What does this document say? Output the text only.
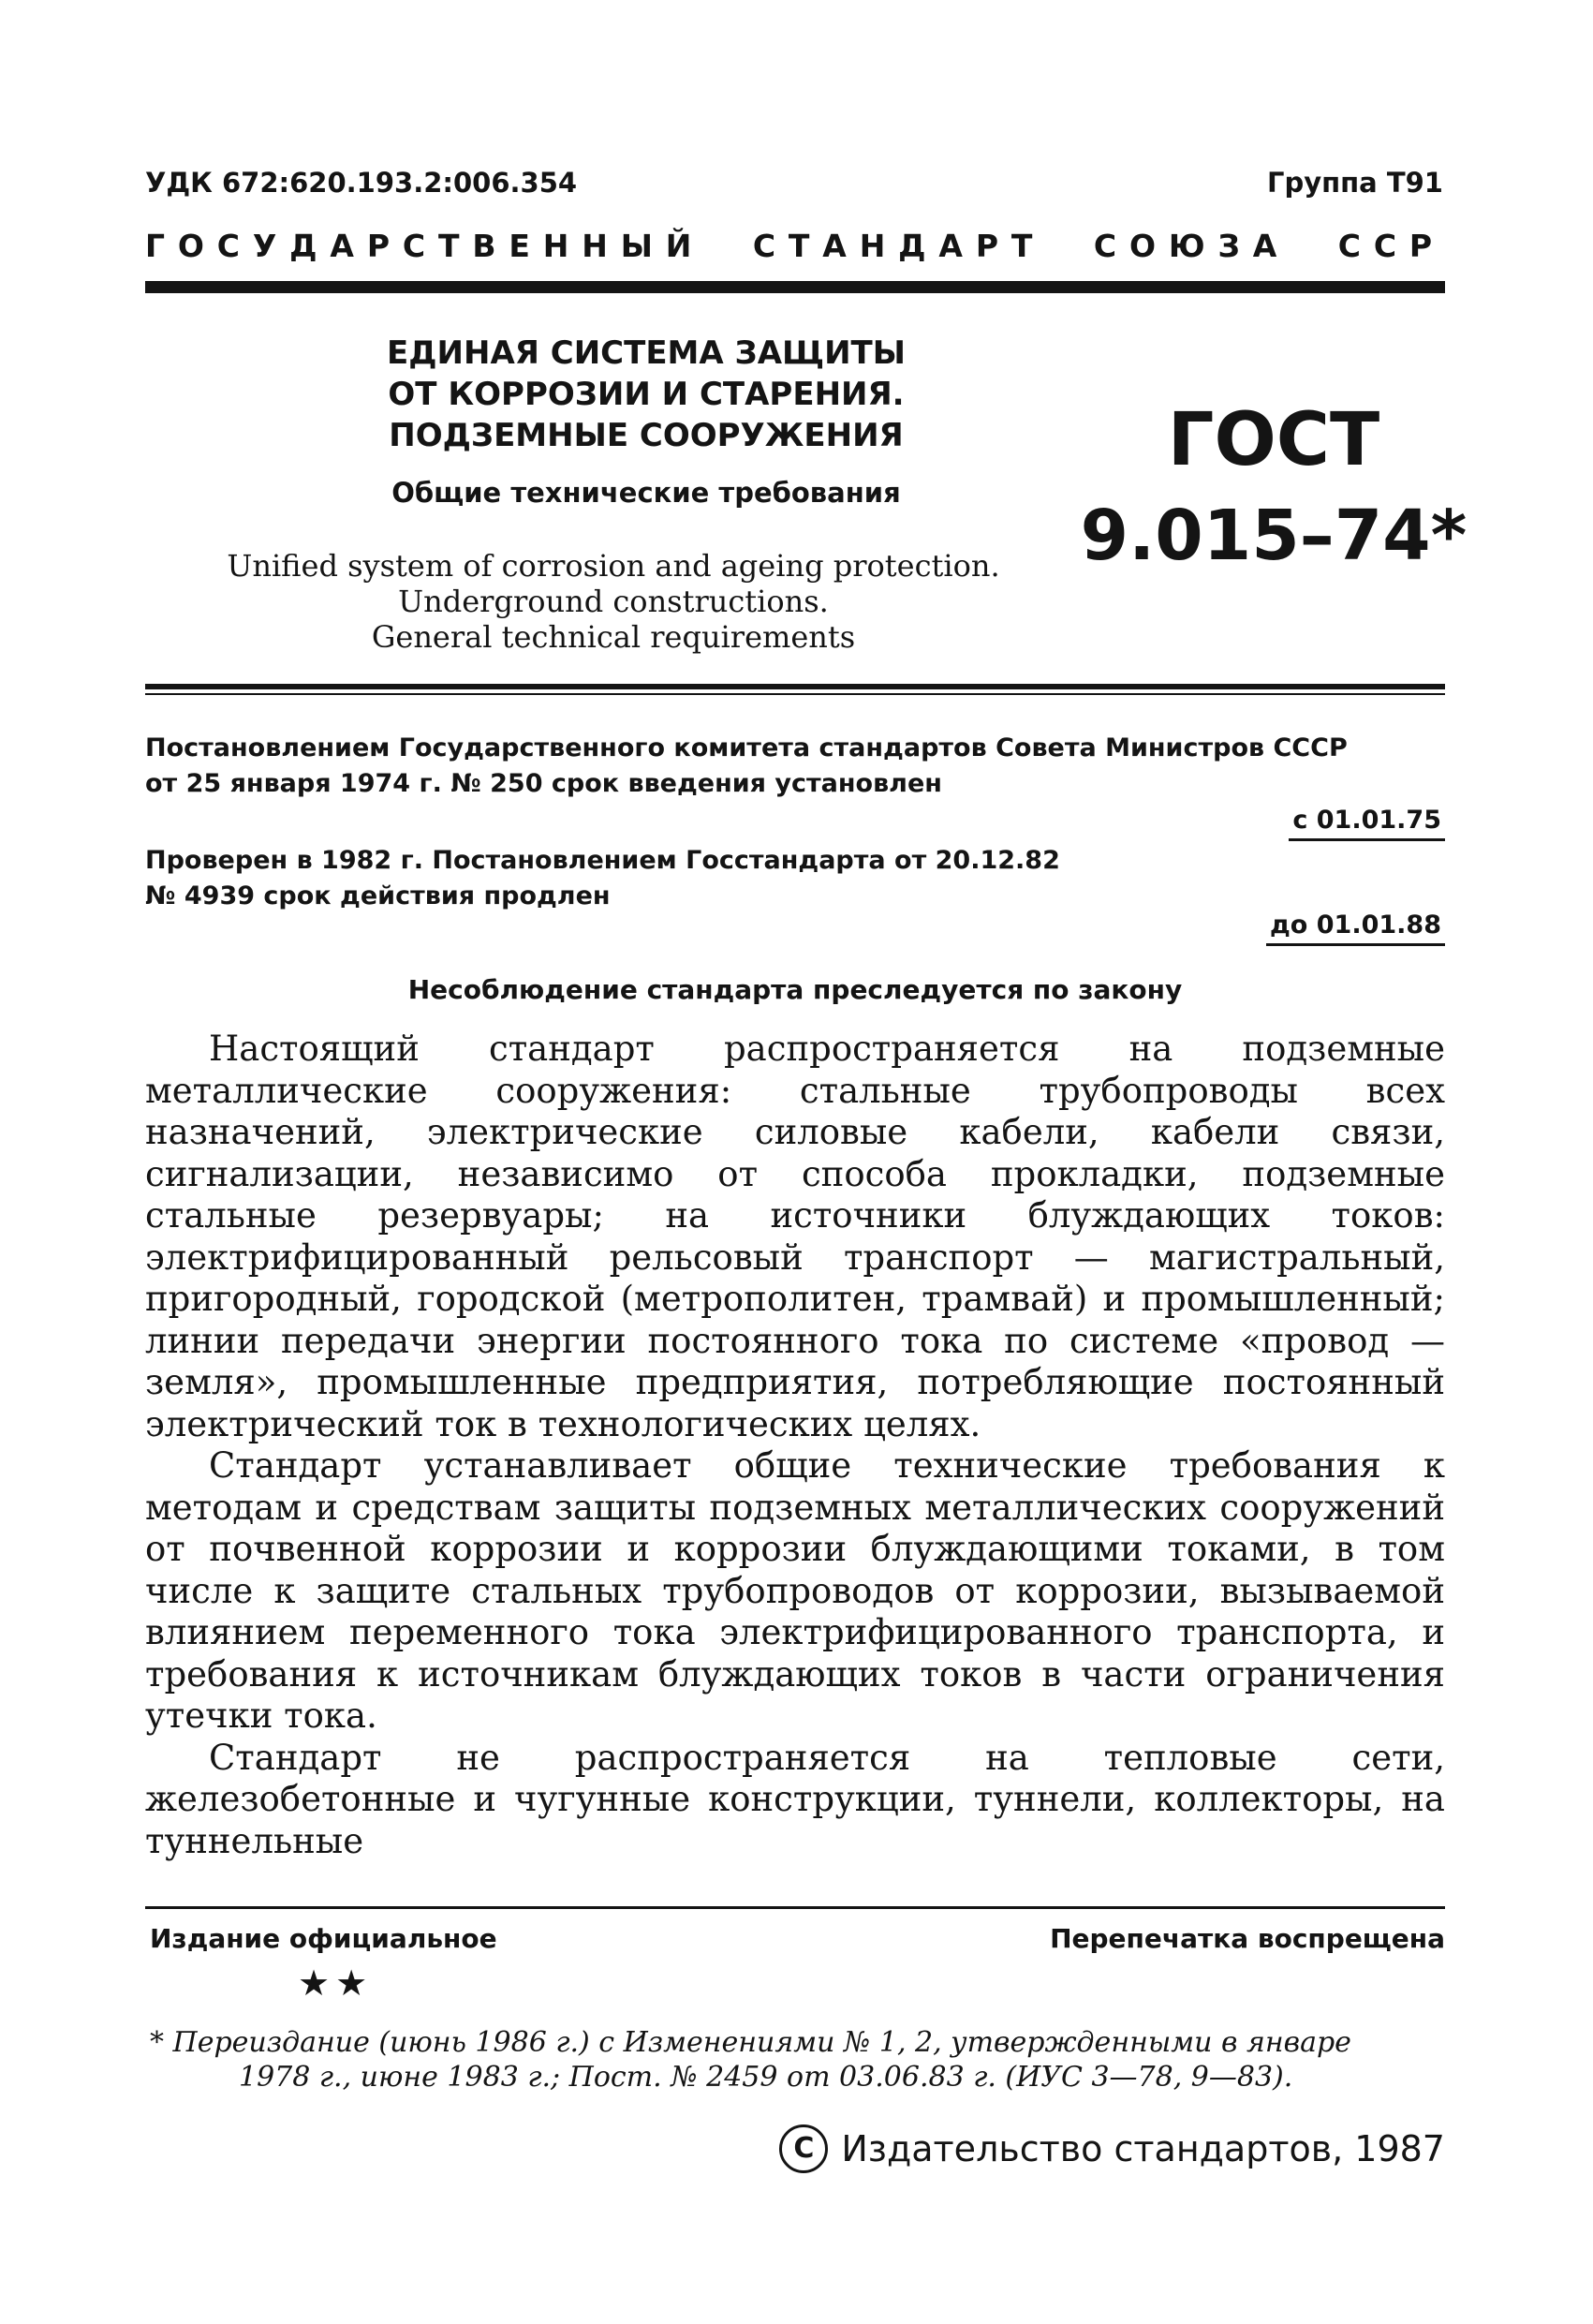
УДК 672:620.193.2:006.354	Группа Т91
ГОСУДАРСТВЕННЫЙ СТАНДАРТ СОЮЗА ССР
ЕДИНАЯ СИСТЕМА ЗАЩИТЫ
ОТ КОРРОЗИИ И СТАРЕНИЯ.
ПОДЗЕМНЫЕ СООРУЖЕНИЯ
Общие технические требования
Unified system of corrosion and ageing protection.
Underground constructions.
General technical requirements
ГОСТ
9.015–74*
Постановлением Государственного комитета стандартов Совета Министров СССР
от 25 января 1974 г. № 250 срок введения установлен
с 01.01.75
Проверен в 1982 г. Постановлением Госстандарта от 20.12.82
№ 4939 срок действия продлен
до 01.01.88
Несоблюдение стандарта преследуется по закону

Настоящий стандарт распространяется на подземные металлические сооружения: стальные трубопроводы всех назначений, электрические силовые кабели, кабели связи, сигнализации, независимо от способа прокладки, подземные стальные резервуары; на источники блуждающих токов: электрифицированный рельсовый транспорт — магистральный, пригородный, городской (метрополитен, трамвай) и промышленный; линии передачи энергии постоянного тока по системе «провод — земля», промышленные предприятия, потребляющие постоянный электрический ток в технологических целях.

Стандарт устанавливает общие технические требования к методам и средствам защиты подземных металлических сооружений от почвенной коррозии и коррозии блуждающими токами, в том числе к защите стальных трубопроводов от коррозии, вызываемой влиянием переменного тока электрифицированного транспорта, и требования к источникам блуждающих токов в части ограничения утечки тока.

Стандарт не распространяется на тепловые сети, железобетонные и чугунные конструкции, туннели, коллекторы, на туннельные

Издание официальное	Перепечатка воспрещена
★★
* Переиздание (июнь 1986 г.) с Изменениями № 1, 2, утвержденными в январе
1978 г., июне 1983 г.; Пост. № 2459 от 03.06.83 г. (ИУС 3—78, 9—83).
C Издательство стандартов, 1987
